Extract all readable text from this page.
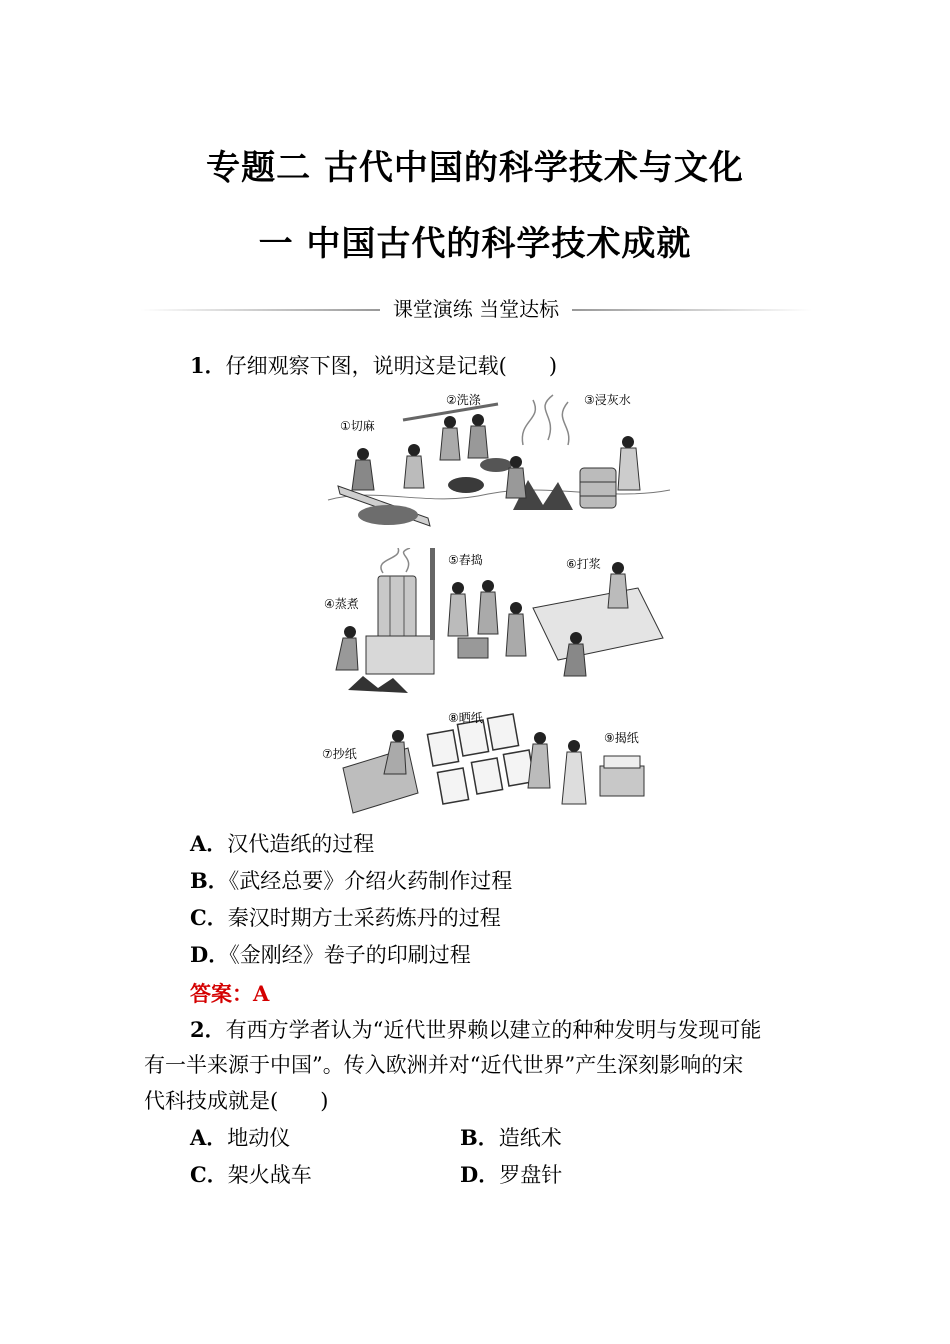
专题二 古代中国的科学技术与文化
一 中国古代的科学技术成就
课堂演练 当堂达标
1．仔细观察下图，说明这是记载(　　)
①切麻
②洗涤	③浸灰水
④蒸煮
⑤舂捣	⑥打浆
⑦抄纸
⑧晒纸
⑨揭纸
A．汉代造纸的过程
B．《武经总要》介绍火药制作过程
C．秦汉时期方士采药炼丹的过程
D．《金刚经》卷子的印刷过程
答案：A
2．有西方学者认为“近代世界赖以建立的种种发明与发现可能
有一半来源于中国”。传入欧洲并对“近代世界”产生深刻影响的宋
代科技成就是(　　)
A．地动仪	B．造纸术
C．架火战车	D．罗盘针
